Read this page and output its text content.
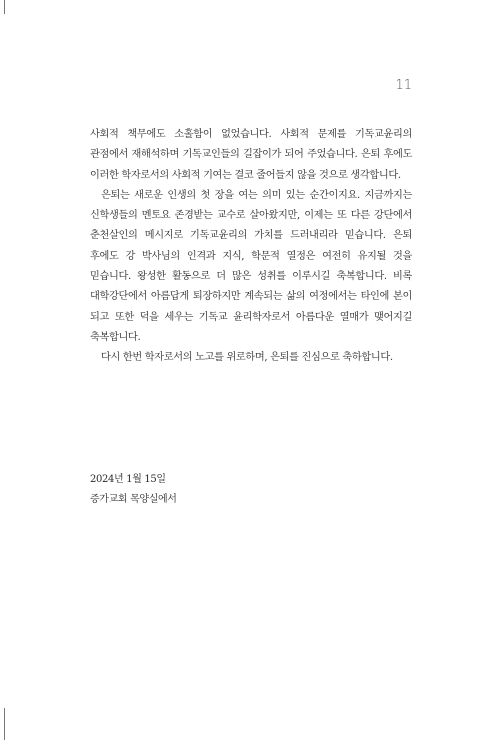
11

사회적 책무에도 소홀함이 없었습니다. 사회적 문제를 기독교윤리의 관점에서 재해석하며 기독교인들의 길잡이가 되어 주었습니다. 은퇴 후에도 이러한 학자로서의 사회적 기여는 결코 줄어들지 않을 것으로 생각합니다.

은퇴는 새로운 인생의 첫 장을 여는 의미 있는 순간이지요. 지금까지는 신학생들의 멘토요 존경받는 교수로 살아왔지만, 이제는 또 다른 강단에서 춘천살인의 메시지로 기독교윤리의 가치를 드러내리라 믿습니다. 은퇴 후에도 강 박사님의 인격과 지식, 학문적 열정은 여전히 유지될 것을 믿습니다. 왕성한 활동으로 더 많은 성취를 이루시길 축복합니다. 비록 대학강단에서 아름답게 퇴장하지만 계속되는 삶의 여정에서는 타인에 본이 되고 또한 덕을 세우는 기독교 윤리학자로서 아름다운 열매가 맺어지길 축복합니다.

다시 한번 학자로서의 노고를 위로하며, 은퇴를 진심으로 축하합니다.

2024년 1월 15일
증가교회 목양실에서
